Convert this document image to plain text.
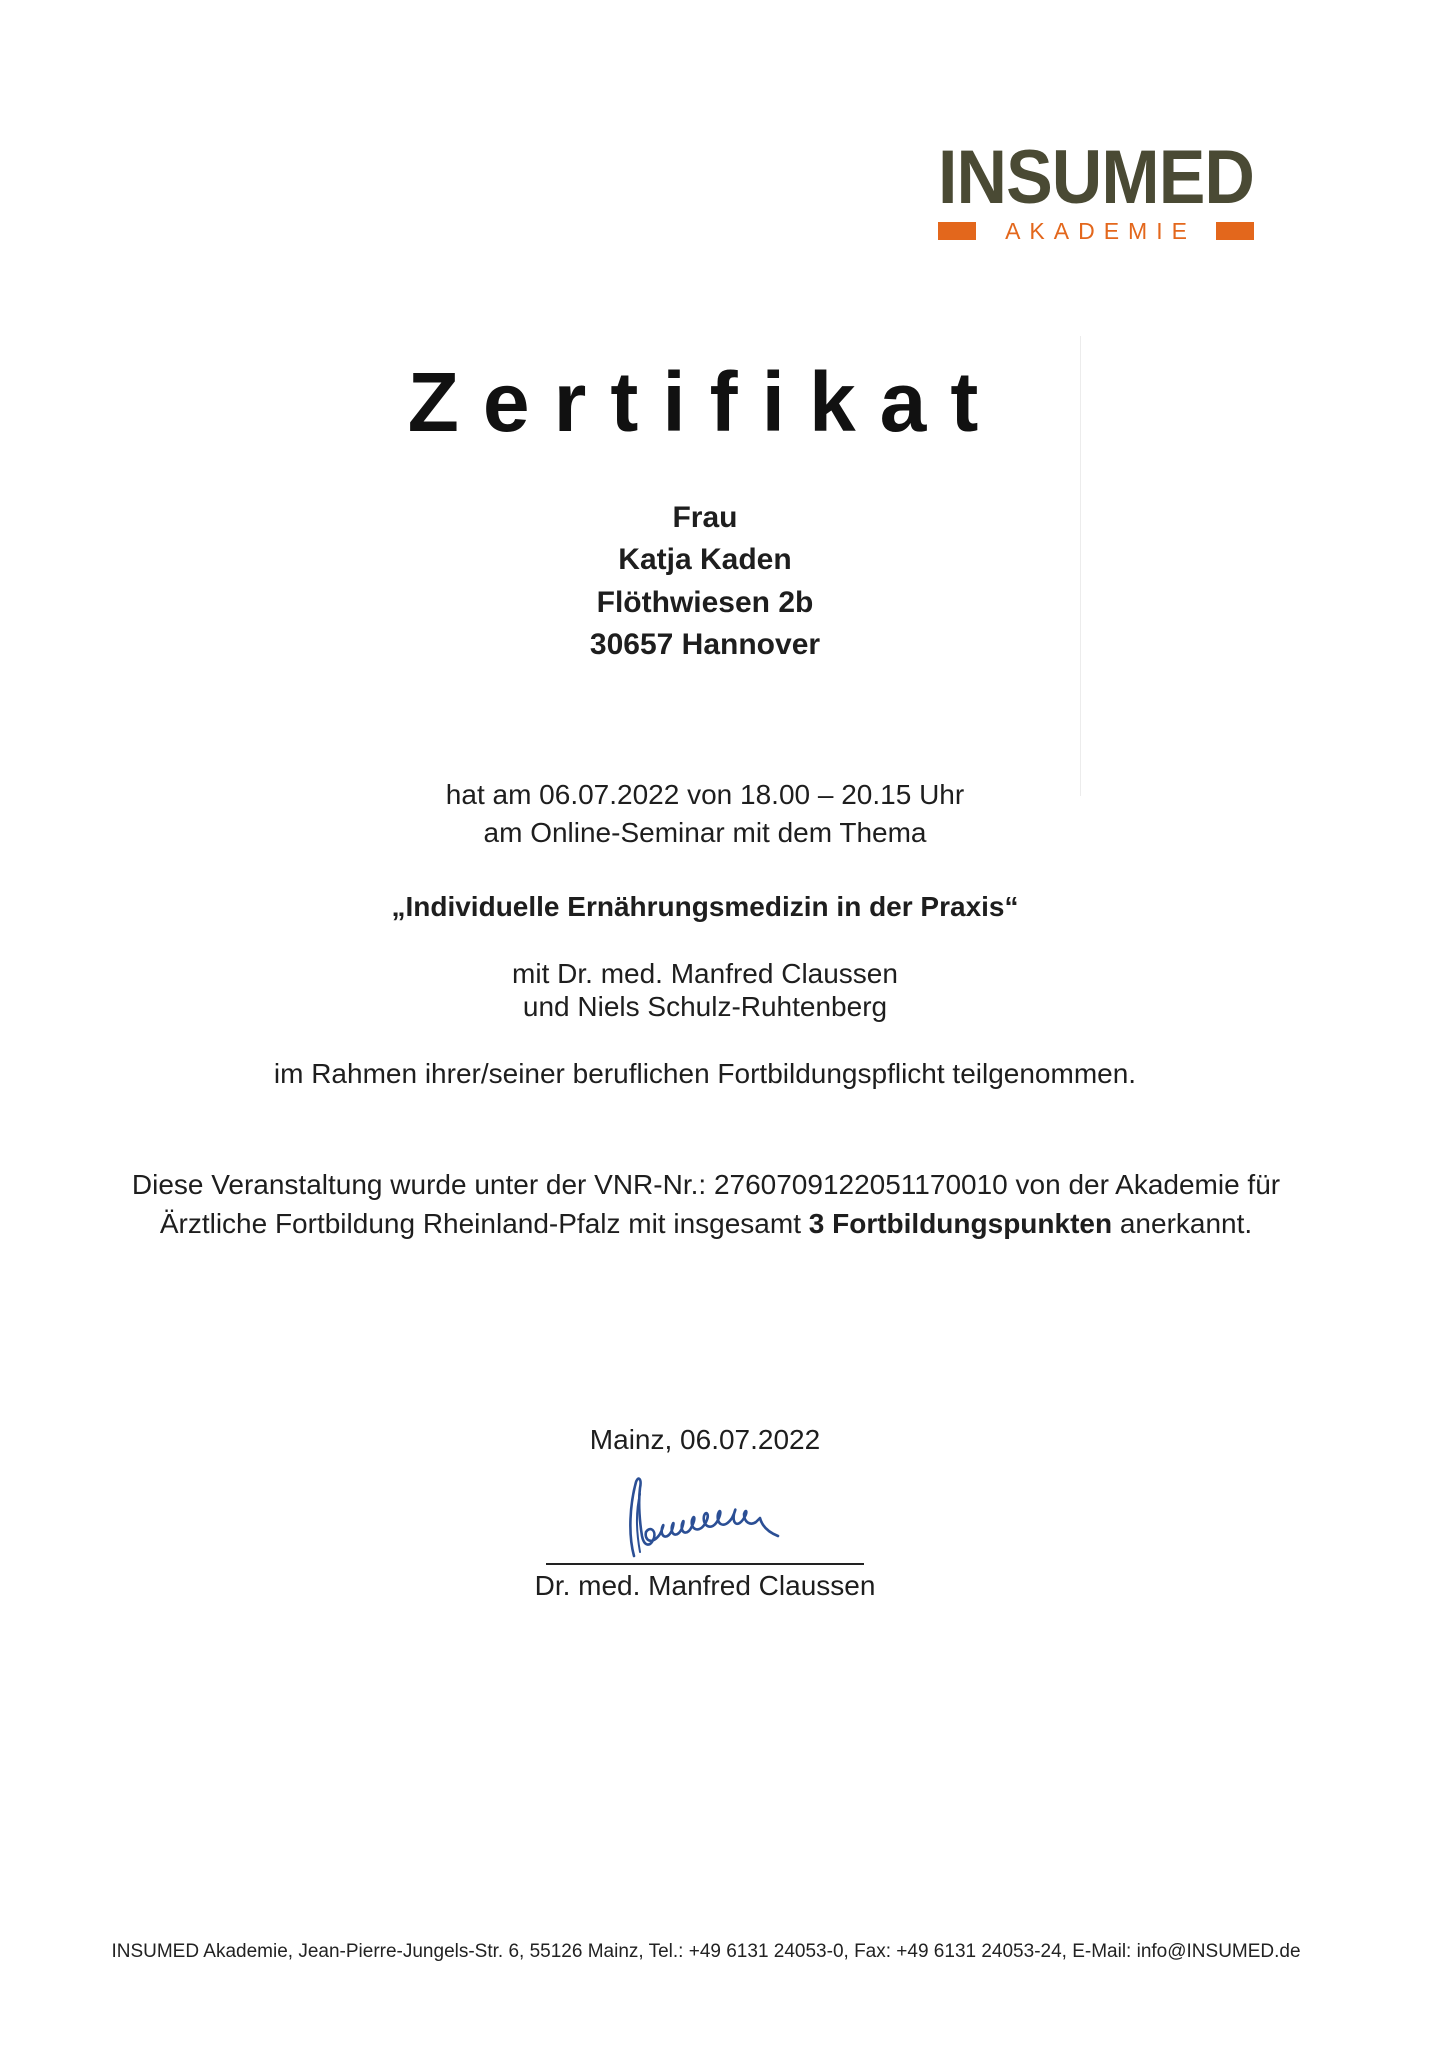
INSUMED
AKADEMIE
Zertifikat
Frau
Katja Kaden
Flöthwiesen 2b
30657 Hannover
hat am 06.07.2022 von 18.00 – 20.15 Uhr
am Online-Seminar mit dem Thema
„Individuelle Ernährungsmedizin in der Praxis“
mit Dr. med. Manfred Claussen
und Niels Schulz-Ruhtenberg
im Rahmen ihrer/seiner beruflichen Fortbildungspflicht teilgenommen.
Diese Veranstaltung wurde unter der VNR-Nr.: 2760709122051170010 von der Akademie für
Ärztliche Fortbildung Rheinland-Pfalz mit insgesamt 3 Fortbildungspunkten anerkannt.
Mainz, 06.07.2022
Dr. med. Manfred Claussen
INSUMED Akademie, Jean-Pierre-Jungels-Str. 6, 55126 Mainz, Tel.: +49 6131 24053-0, Fax: +49 6131 24053-24, E-Mail: info@INSUMED.de
